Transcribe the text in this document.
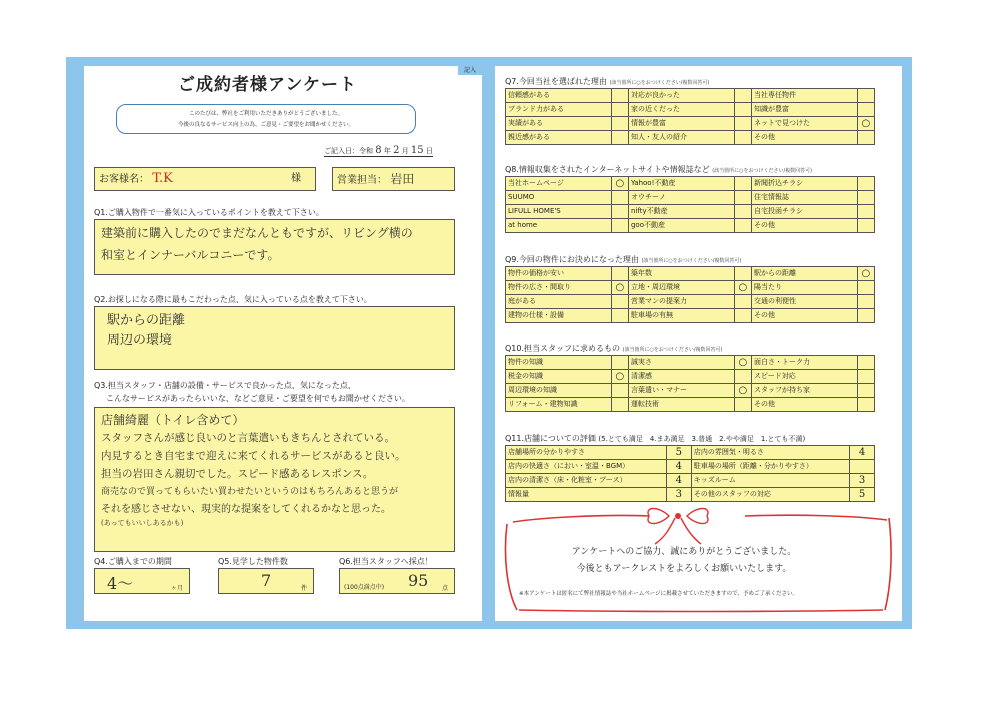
記入
ご成約者様アンケート
このたびは、弊社をご利用いただきありがとうございました。
今後の良なるサービス向上の為、ご意見・ご要望をお聞かせください。
ご記入日：令和 8 年 2 月 15 日
お客様名： T.K	様	営業担当： 岩田
Q1.ご購入物件で一番気に入っているポイントを教えて下さい。
建築前に購入したのでまだなんともですが、リビング横の
和室とインナーバルコニーです。
Q2.お探しになる際に最もこだわった点、気に入っている点を教えて下さい。
駅からの距離
周辺の環境
Q3.担当スタッフ・店舗の設備・サービスで良かった点、気になった点、
こんなサービスがあったらいいな、などご意見・ご要望を何でもお聞かせください。
店舗綺麗（トイレ含めて）
スタッフさんが感じ良いのと言葉遣いもきちんとされている。
内見するとき自宅まで迎えに来てくれるサービスがあると良い。
担当の岩田さん親切でした。スピード感あるレスポンス。
商売なので買ってもらいたい買わせたいというのはもちろんあると思うが
それを感じさせない、現実的な提案をしてくれるかなと思った。
(あってもいいしあるかも)
Q4.ご購入までの期間
4～	ヶ月
Q5.見学した物件数
7	件
Q6.担当スタッフへ採点！
(100点満点中) 95 点
Q7.今回当社を選ばれた理由 (該当箇所に○をおつけください/複数回答可)
信頼感がある		対応が良かった		当社専任物件	
ブランド力がある		家の近くだった		知識が豊富	
実績がある		情報が豊富		ネットで見つけた	○
親近感がある		知人・友人の紹介		その他	
Q8.情報収集をされたインターネットサイトや情報誌など (該当箇所に○をおつけください/複数回答可)
当社ホームページ	○	Yahoo!不動産		新聞折込チラシ	
SUUMO		オウチーノ		住宅情報誌	
LIFULL HOME'S		nifty不動産		自宅投函チラシ	
at home		goo不動産		その他	
Q9.今回の物件にお決めになった理由 (該当箇所に○をおつけください/複数回答可)
物件の価格が安い		築年数		駅からの距離	○
物件の広さ・間取り	○	立地・周辺環境	○	陽当たり	
庭がある		営業マンの提案力		交通の利便性	
建物の仕様・設備		駐車場の有無		その他	
Q10.担当スタッフに求めるもの (該当箇所に○をおつけください/複数回答可)
物件の知識		誠実さ	○	面白さ・トーク力	
税金の知識	○	清潔感		スピード対応	
周辺環境の知識		言葉遣い・マナー	○	スタッフが持ち家	
リフォーム・建物知識		運転技術		その他	
Q11.店舗についての評価 (5.とても満足　4.まあ満足　3.普通　2.やや満足　1.とても不満)
店舗場所の分かりやすさ	5	店内の雰囲気・明るさ	4
店内の快適さ（におい・室温・BGM）	4	駐車場の場所（距離・分かりやすさ）	
店内の清潔さ（床・化粧室・ブース）	4	キッズルーム	3
情報量	3	その他のスタッフの対応	5
アンケートへのご協力、誠にありがとうございました。
今後ともアークレストをよろしくお願いいたします。
※本アンケートは匿名にて弊社情報誌や当社ホームページに掲載させていただきますので、予めご了承ください。
